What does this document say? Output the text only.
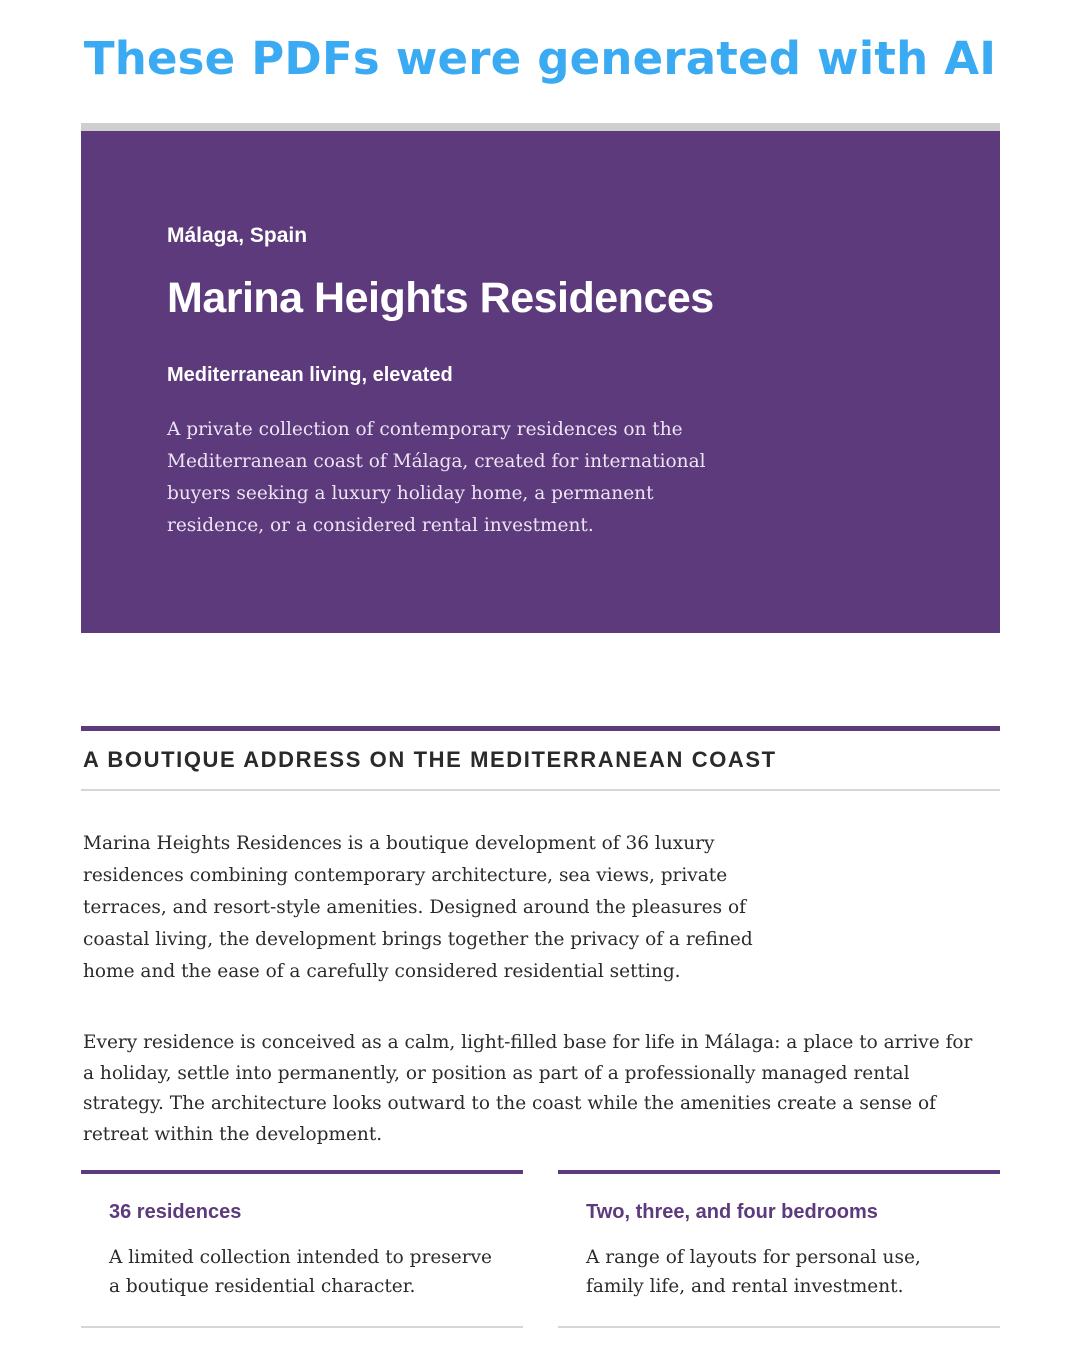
These PDFs were generated with AI
Málaga, Spain
Marina Heights Residences
Mediterranean living, elevated

A private collection of contemporary residences on the Mediterranean coast of Málaga, created for international buyers seeking a luxury holiday home, a permanent residence, or a considered rental investment.

A BOUTIQUE ADDRESS ON THE MEDITERRANEAN COAST

Marina Heights Residences is a boutique development of 36 luxury residences combining contemporary architecture, sea views, private terraces, and resort-style amenities. Designed around the pleasures of coastal living, the development brings together the privacy of a refined home and the ease of a carefully considered residential setting.

Every residence is conceived as a calm, light-filled base for life in Málaga: a place to arrive for a holiday, settle into permanently, or position as part of a professionally managed rental strategy. The architecture looks outward to the coast while the amenities create a sense of retreat within the development.

36 residences
A limited collection intended to preserve a boutique residential character.
Two, three, and four bedrooms
A range of layouts for personal use, family life, and rental investment.
